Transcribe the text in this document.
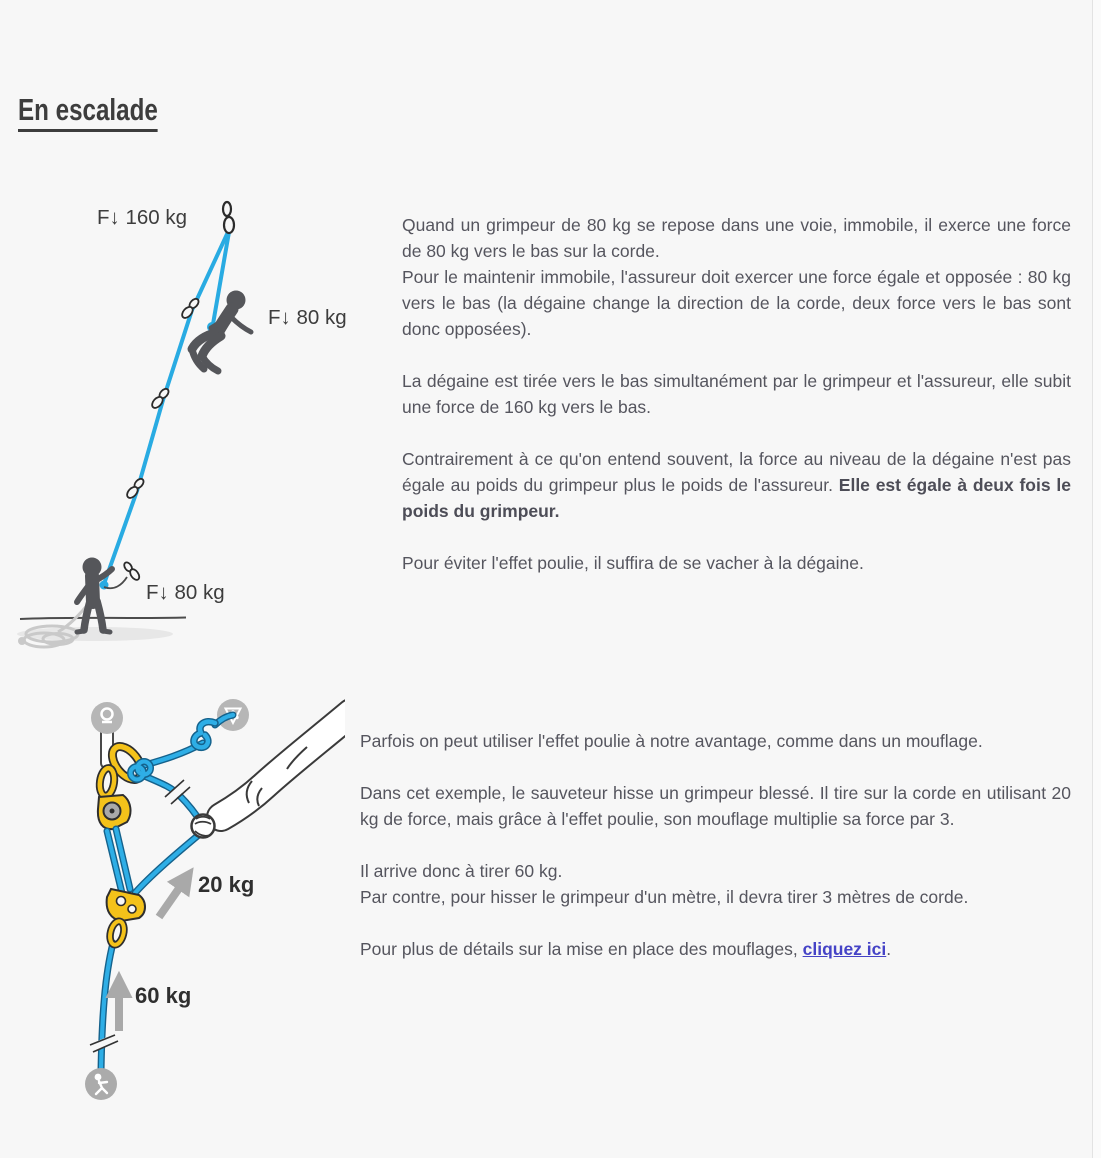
En escalade
F↓ 160 kg
F↓ 80 kg
F↓ 80 kg

Quand un grimpeur de 80 kg se repose dans une voie, immobile, il exerce une force de 80 kg vers le bas sur la corde.
Pour le maintenir immobile, l'assureur doit exercer une force égale et opposée : 80 kg vers le bas (la dégaine change la direction de la corde, deux force vers le bas sont donc opposées).

La dégaine est tirée vers le bas simultanément par le grimpeur et l'assureur, elle subit une force de 160 kg vers le bas.

Contrairement à ce qu'on entend souvent, la force au niveau de la dégaine n'est pas égale au poids du grimpeur plus le poids de l'assureur. Elle est égale à deux fois le poids du grimpeur.

Pour éviter l'effet poulie, il suffira de se vacher à la dégaine.

20 kg
60 kg

Parfois on peut utiliser l'effet poulie à notre avantage, comme dans un mouflage.

Dans cet exemple, le sauveteur hisse un grimpeur blessé. Il tire sur la corde en utilisant 20 kg de force, mais grâce à l'effet poulie, son mouflage multiplie sa force par 3.

Il arrive donc à tirer 60 kg.
Par contre, pour hisser le grimpeur d'un mètre, il devra tirer 3 mètres de corde.

Pour plus de détails sur la mise en place des mouflages, cliquez ici.
